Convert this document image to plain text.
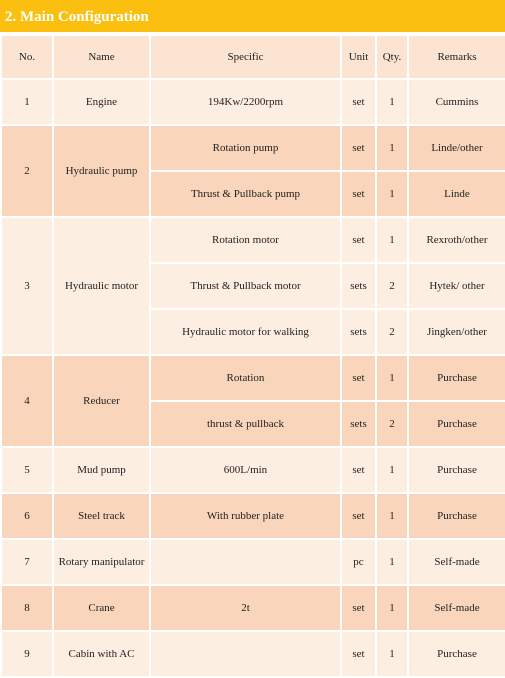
2. Main Configuration
No.	Name	Specific	Unit	Qty.	Remarks
1	Engine	194Kw/2200rpm	set	1	Cummins
2	Hydraulic pump	Rotation pump	set	1	Linde/other
		Thrust & Pullback pump	set	1	Linde
3	Hydraulic motor	Rotation motor	set	1	Rexroth/other
		Thrust & Pullback motor	sets	2	Hytek/ other
		Hydraulic motor for walking	sets	2	Jingken/other
4	Reducer	Rotation	set	1	Purchase
		thrust & pullback	sets	2	Purchase
5	Mud pump	600L/min	set	1	Purchase
6	Steel track	With rubber plate	set	1	Purchase
7	Rotary manipulator		pc	1	Self-made
8	Crane	2t	set	1	Self-made
9	Cabin with AC		set	1	Purchase
